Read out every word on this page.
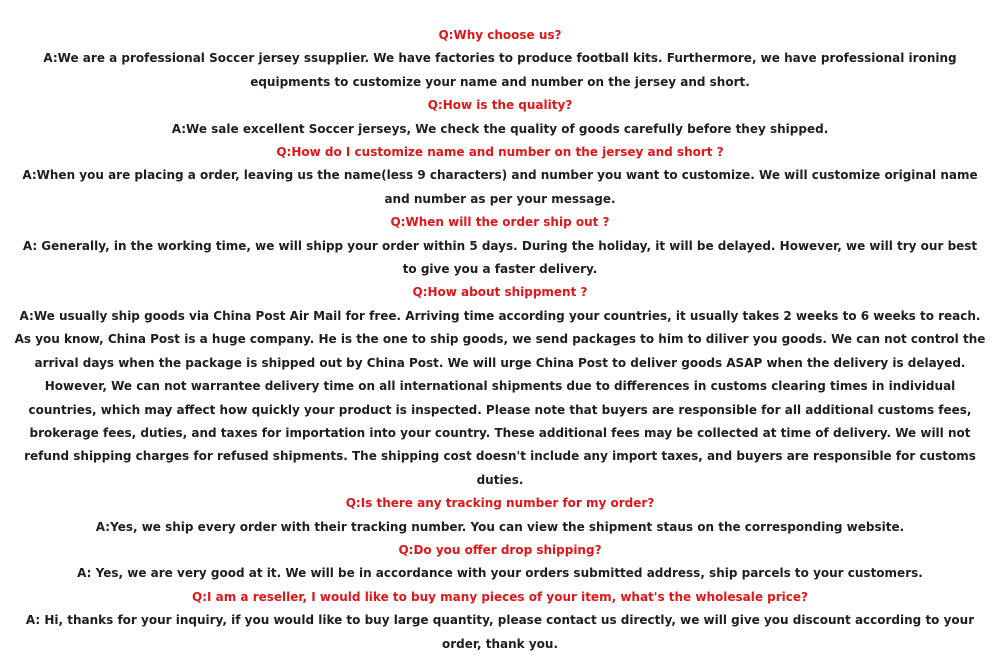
Q:Why choose us?

A:We are a professional Soccer jersey ssupplier. We have factories to produce football kits. Furthermore, we have professional ironing equipments to customize your name and number on the jersey and short.

Q:How is the quality?

A:We sale excellent Soccer jerseys, We check the quality of goods carefully before they shipped.

Q:How do I customize name and number on the jersey and short ?

A:When you are placing a order, leaving us the name(less 9 characters) and number you want to customize. We will customize original name and number as per your message.

Q:When will the order ship out ?

A: Generally, in the working time, we will shipp your order within 5 days. During the holiday, it will be delayed. However, we will try our best to give you a faster delivery.

Q:How about shippment ?

A:We usually ship goods via China Post Air Mail for free. Arriving time according your countries, it usually takes 2 weeks to 6 weeks to reach.

As you know, China Post is a huge company. He is the one to ship goods, we send packages to him to diliver you goods. We can not control the arrival days when the package is shipped out by China Post. We will urge China Post to deliver goods ASAP when the delivery is delayed.

However, We can not warrantee delivery time on all international shipments due to differences in customs clearing times in individual countries, which may affect how quickly your product is inspected. Please note that buyers are responsible for all additional customs fees, brokerage fees, duties, and taxes for importation into your country. These additional fees may be collected at time of delivery. We will not refund shipping charges for refused shipments. The shipping cost doesn't include any import taxes, and buyers are responsible for customs duties.

Q:Is there any tracking number for my order?

A:Yes, we ship every order with their tracking number. You can view the shipment staus on the corresponding website.

Q:Do you offer drop shipping?

A: Yes, we are very good at it. We will be in accordance with your orders submitted address, ship parcels to your customers.

Q:I am a reseller, I would like to buy many pieces of your item, what's the wholesale price?

A: Hi, thanks for your inquiry, if you would like to buy large quantity, please contact us directly, we will give you discount according to your order, thank you.
